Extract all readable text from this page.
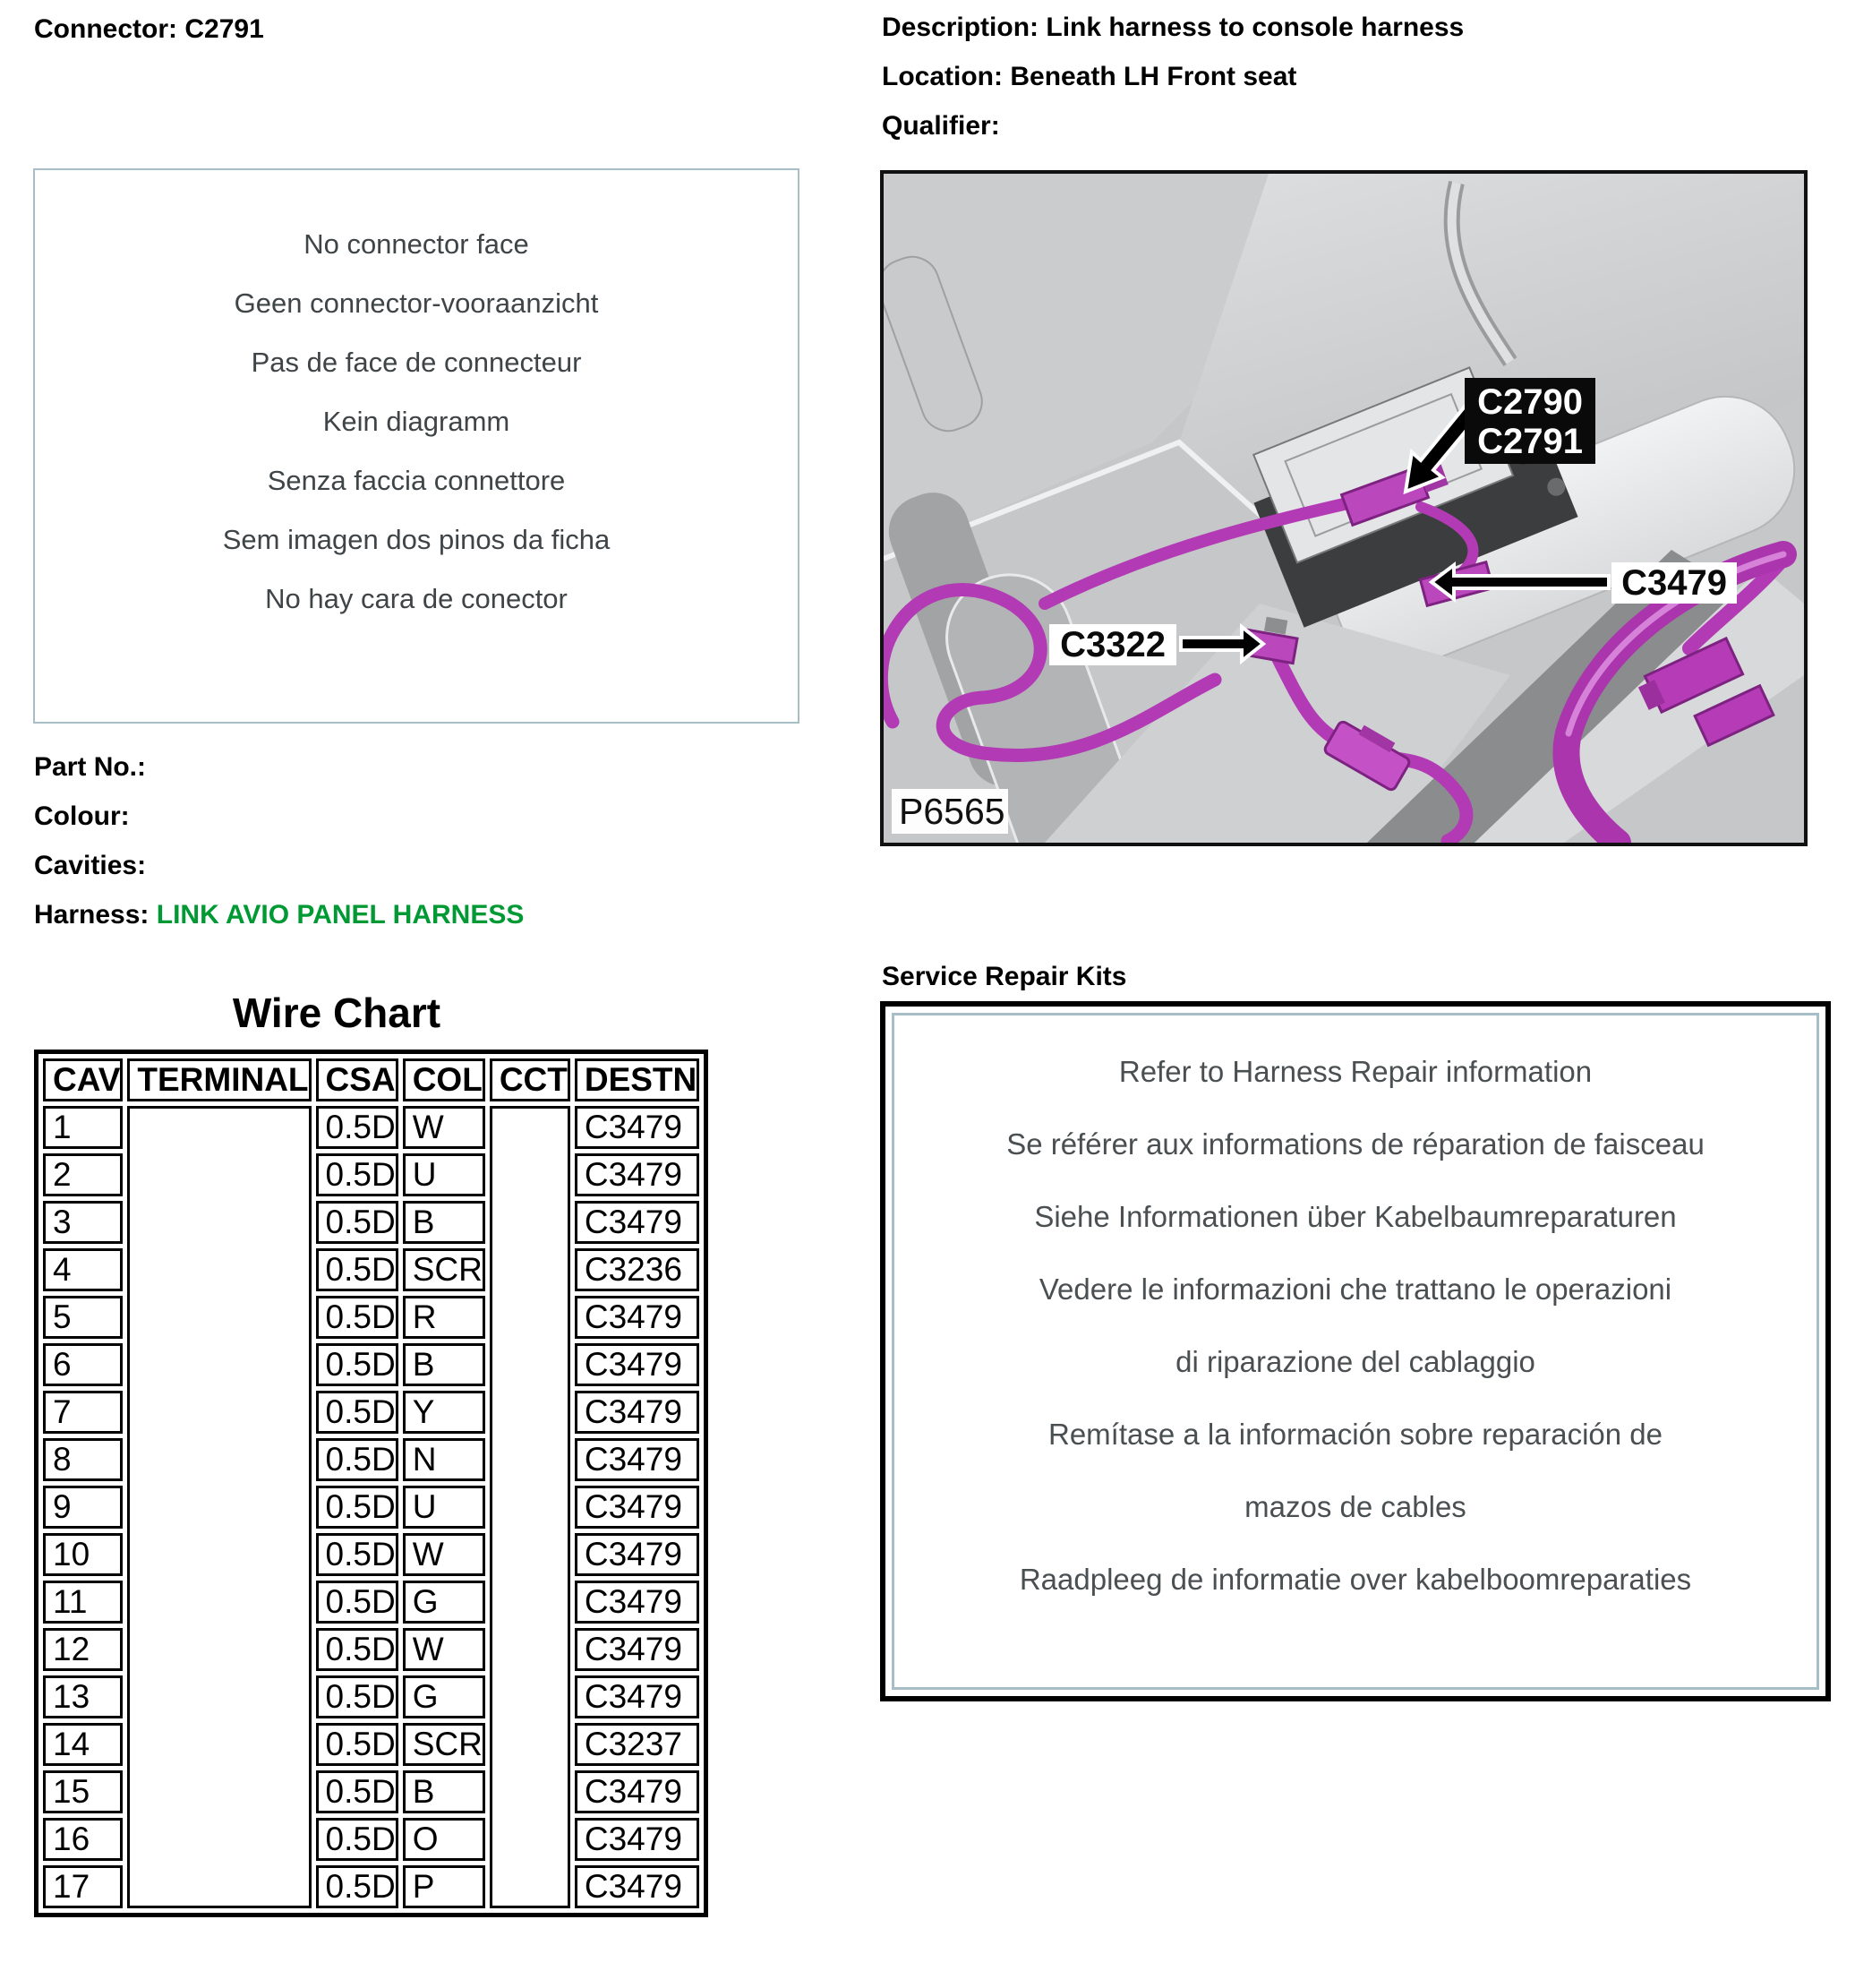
Connector: C2791	Description: Link harness to console harness
Location: Beneath LH Front seat
Qualifier:
No connector face
Geen connector-vooraanzicht
Pas de face de connecteur
Kein diagramm
Senza faccia connettore
Sem imagen dos pinos da ficha
No hay cara de conector
Part No.:
Colour:
Cavities:
Harness: LINK AVIO PANEL HARNESS
Wire Chart
CAV	TERMINAL	CSA	COL	CCT	DESTN
1		0.5D	W		C3479
2		0.5D	U		C3479
3		0.5D	B		C3479
4		0.5D	SCR		C3236
5		0.5D	R		C3479
6		0.5D	B		C3479
7		0.5D	Y		C3479
8		0.5D	N		C3479
9		0.5D	U		C3479
10		0.5D	W		C3479
11		0.5D	G		C3479
12		0.5D	W		C3479
13		0.5D	G		C3479
14		0.5D	SCR		C3237
15		0.5D	B		C3479
16		0.5D	O		C3479
17		0.5D	P		C3479
C2790
C2791
C3479
C3322
P6565
Service Repair Kits
Refer to Harness Repair information
Se référer aux informations de réparation de faisceau
Siehe Informationen über Kabelbaumreparaturen
Vedere le informazioni che trattano le operazioni
di riparazione del cablaggio
Remítase a la información sobre reparación de
mazos de cables
Raadpleeg de informatie over kabelboomreparaties
